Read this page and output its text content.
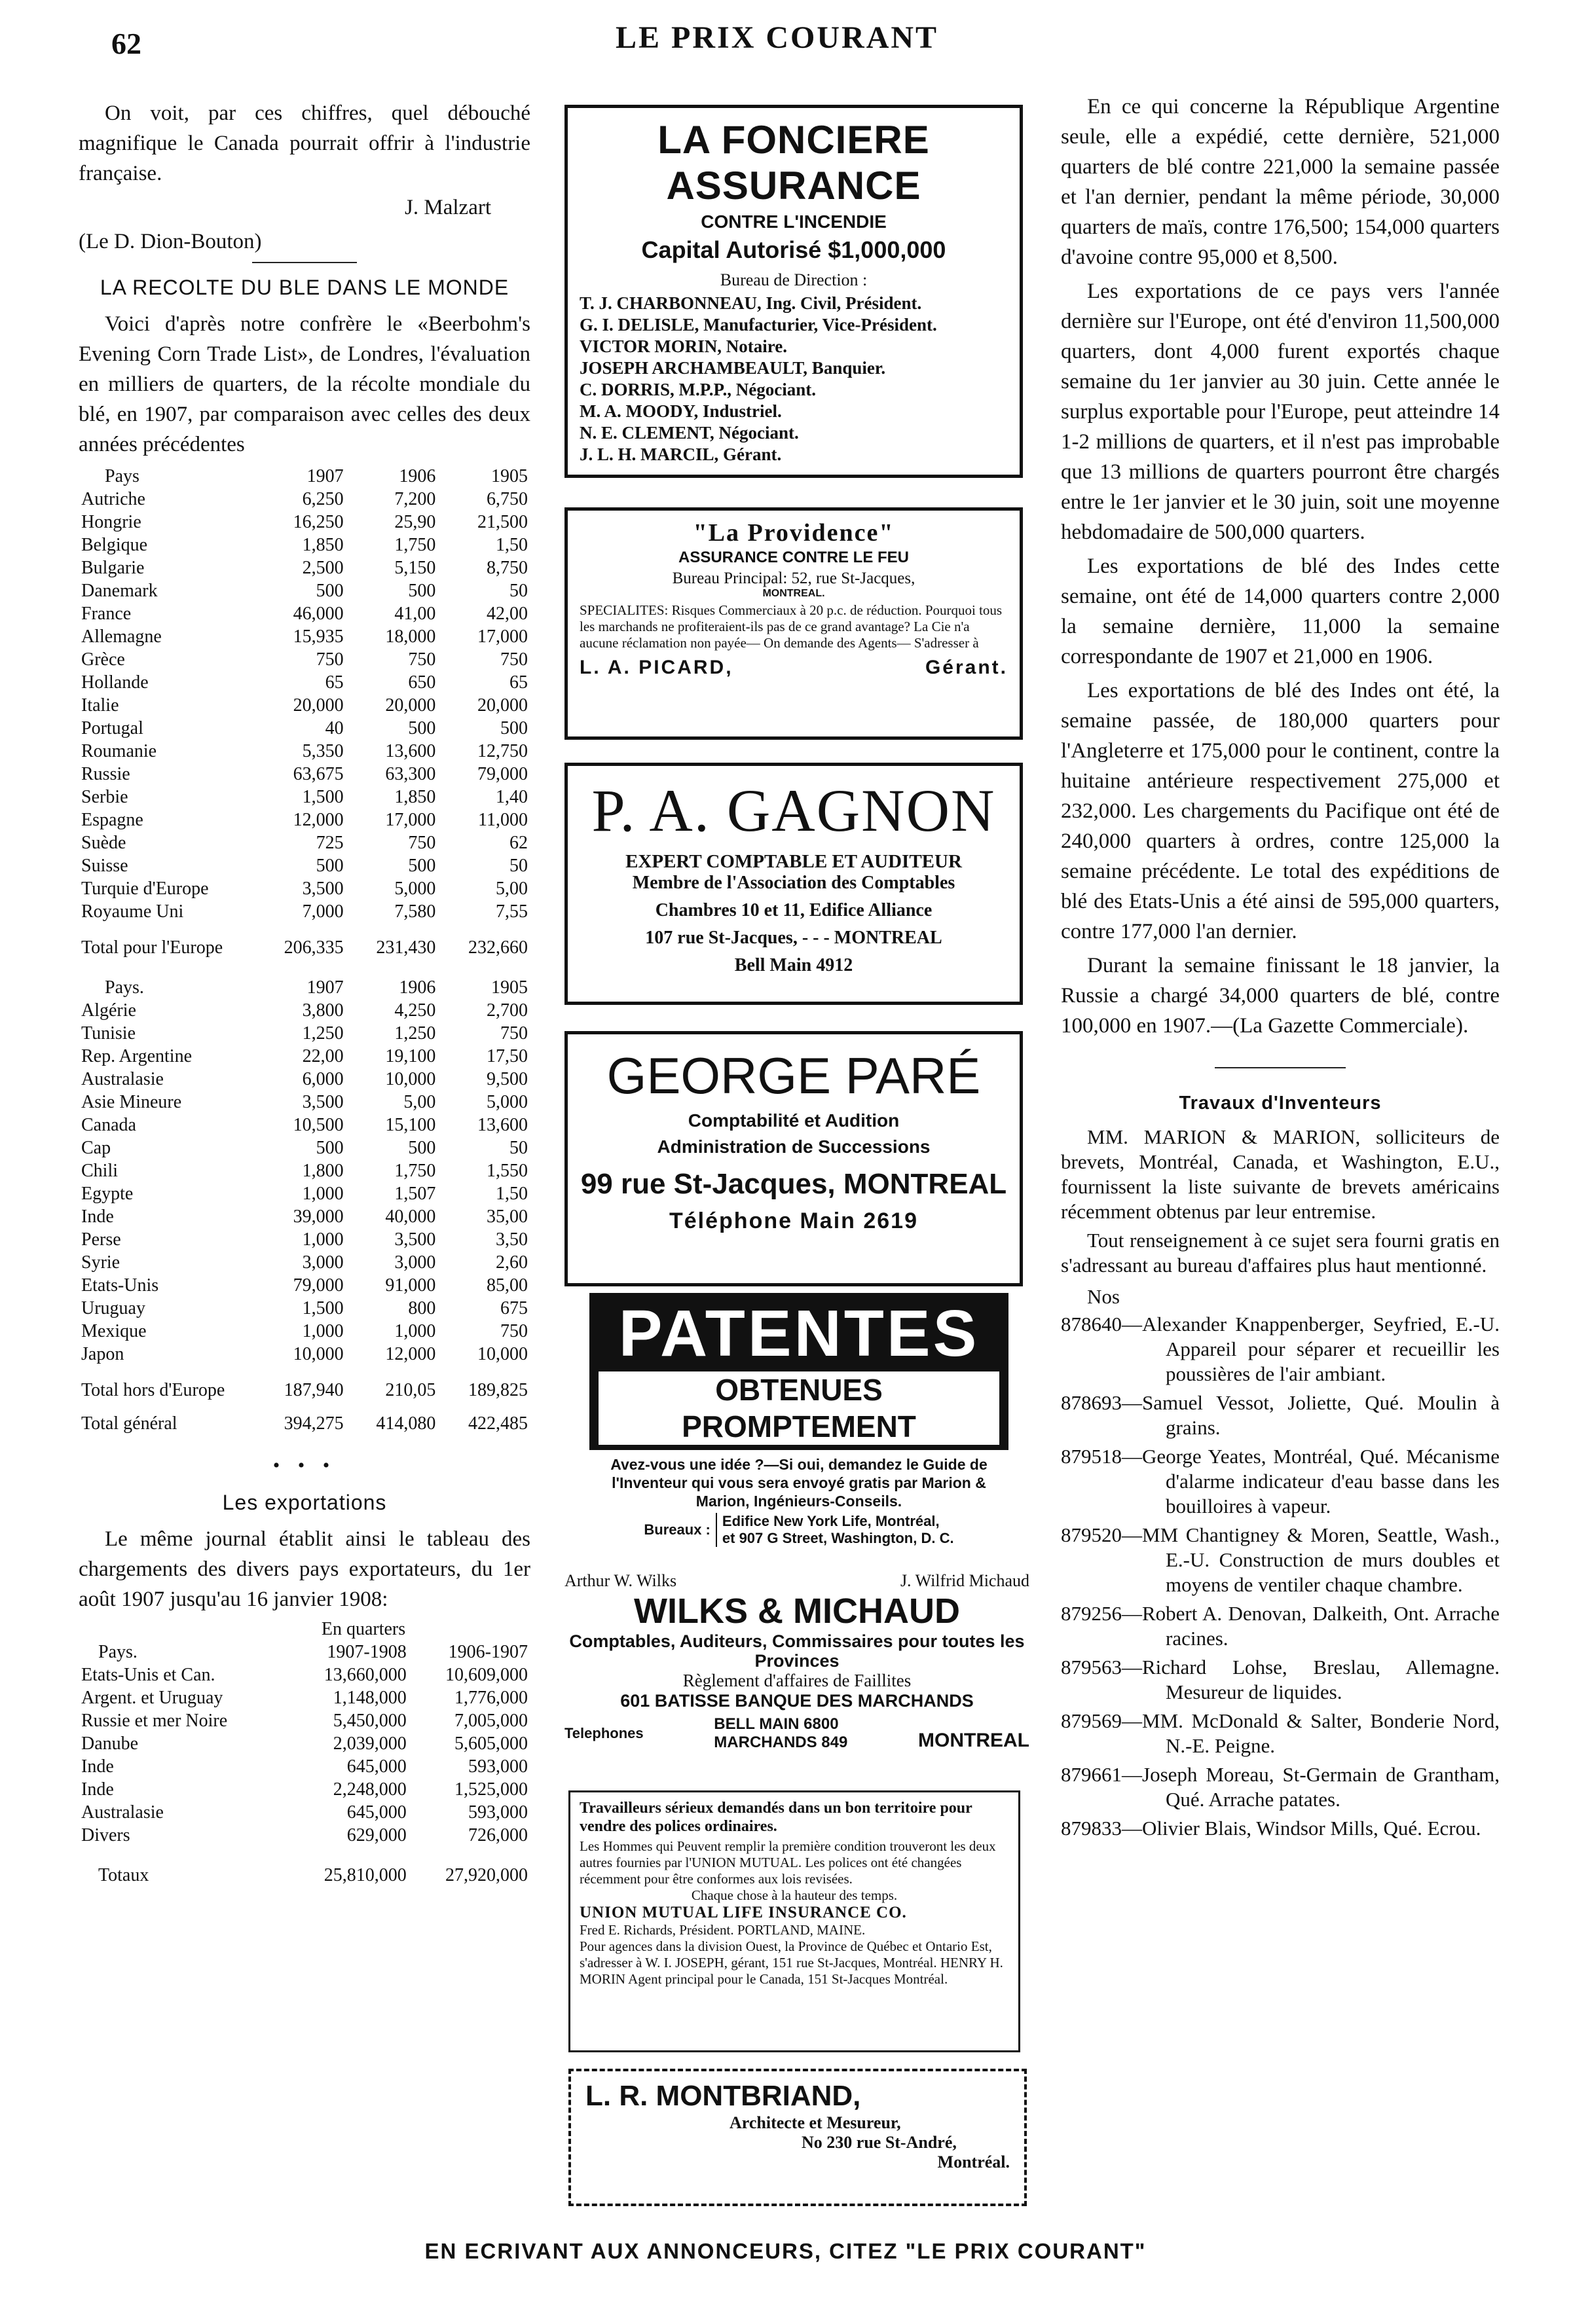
62	LE PRIX COURANT

On voit, par ces chiffres, quel débouché magnifique le Canada pourrait offrir à l'industrie française.

J. Malzart

(Le D. Dion-Bouton)

LA RECOLTE DU BLE DANS LE MONDE

Voici d'après notre confrère le «Beerbohm's Evening Corn Trade List», de Londres, l'évaluation en milliers de quarters, de la récolte mondiale du blé, en 1907, par comparaison avec celles des deux années précédentes

Pays	1907	1906	1905
Autriche	6,250	7,200	6,750
Hongrie	16,250	25,90	21,500
Belgique	1,850	1,750	1,50
Bulgarie	2,500	5,150	8,750
Danemark	500	500	50
France	46,000	41,00	42,00
Allemagne	15,935	18,000	17,000
Grèce	750	750	750
Hollande	65	650	65
Italie	20,000	20,000	20,000
Portugal	40	500	500
Roumanie	5,350	13,600	12,750
Russie	63,675	63,300	79,000
Serbie	1,500	1,850	1,40
Espagne	12,000	17,000	11,000
Suède	725	750	62
Suisse	500	500	50
Turquie d'Europe	3,500	5,000	5,00
Royaume Uni	7,000	7,580	7,55
Total pour l'Europe	206,335	231,430	232,660
Pays.	1907	1906	1905
Algérie	3,800	4,250	2,700
Tunisie	1,250	1,250	750
Rep. Argentine	22,00	19,100	17,50
Australasie	6,000	10,000	9,500
Asie Mineure	3,500	5,00	5,000
Canada	10,500	15,100	13,600
Cap	500	500	50
Chili	1,800	1,750	1,550
Egypte	1,000	1,507	1,50
Inde	39,000	40,000	35,00
Perse	1,000	3,500	3,50
Syrie	3,000	3,000	2,60
Etats-Unis	79,000	91,000	85,00
Uruguay	1,500	800	675
Mexique	1,000	1,000	750
Japon	10,000	12,000	10,000
Total hors d'Europe	187,940	210,05	189,825
Total général	394,275	414,080	422,485
• • •
Les exportations

Le même journal établit ainsi le tableau des chargements des divers pays exportateurs, du 1er août 1907 jusqu'au 16 janvier 1908:

En quarters
Pays.	1907-1908	1906-1907
Etats-Unis et Can.	13,660,000	10,609,000
Argent. et Uruguay	1,148,000	1,776,000
Russie et mer Noire	5,450,000	7,005,000
Danube	2,039,000	5,605,000
Inde	645,000	593,000
Inde	2,248,000	1,525,000
Australasie	645,000	593,000
Divers	629,000	726,000
Totaux	25,810,000	27,920,000
LA FONCIERE ASSURANCE
CONTRE L'INCENDIE
Capital Autorisé $1,000,000
Bureau de Direction :
T. J. CHARBONNEAU, Ing. Civil, Président.
G. I. DELISLE, Manufacturier, Vice-Président.
VICTOR MORIN, Notaire.
JOSEPH ARCHAMBEAULT, Banquier.
C. DORRIS, M.P.P., Négociant.
M. A. MOODY, Industriel.
N. E. CLEMENT, Négociant.
J. L. H. MARCIL, Gérant.
"La Providence"
ASSURANCE CONTRE LE FEU
Bureau Principal: 52, rue St-Jacques,
MONTREAL.
SPECIALITES: Risques Commerciaux à 20 p.c. de réduction. Pourquoi tous les marchands ne profiteraient-ils pas de ce grand avantage? La Cie n'a aucune réclamation non payée— On demande des Agents— S'adresser à
L. A. PICARD,	Gérant.
P. A. GAGNON
EXPERT COMPTABLE ET AUDITEUR
Membre de l'Association des Comptables
Chambres 10 et 11, Edifice Alliance
107 rue St-Jacques, - - - MONTREAL
Bell Main 4912
GEORGE PARÉ
Comptabilité et Audition
Administration de Successions
99 rue St-Jacques, MONTREAL
Téléphone Main 2619
PATENTES
OBTENUES PROMPTEMENT
Avez-vous une idée ?—Si oui, demandez le Guide de l'Inventeur qui vous sera envoyé gratis par Marion & Marion, Ingénieurs-Conseils.
Bureaux :
Edifice New York Life, Montréal,
et 907 G Street, Washington, D. C.
Arthur W. Wilks	J. Wilfrid Michaud
WILKS & MICHAUD
Comptables, Auditeurs, Commissaires pour toutes les Provinces
Règlement d'affaires de Faillites
601 BATISSE BANQUE DES MARCHANDS
Telephones
BELL MAIN 6800
MARCHANDS 849	MONTREAL
Travailleurs sérieux demandés dans un bon territoire pour vendre des polices ordinaires.
Les Hommes qui Peuvent remplir la première condition trouveront les deux autres fournies par l'UNION MUTUAL. Les polices ont été changées récemment pour être conformes aux lois revisées.
Chaque chose à la hauteur des temps.
UNION MUTUAL LIFE INSURANCE CO.
Fred E. Richards, Président. PORTLAND, MAINE.
Pour agences dans la division Ouest, la Province de Québec et Ontario Est, s'adresser à W. I. JOSEPH, gérant, 151 rue St-Jacques, Montréal. HENRY H. MORIN Agent principal pour le Canada, 151 St-Jacques Montréal.
L. R. MONTBRIAND,
Architecte et Mesureur,
No 230 rue St-André,
Montréal.

En ce qui concerne la République Argentine seule, elle a expédié, cette dernière, 521,000 quarters de blé contre 221,000 la semaine passée et l'an dernier, pendant la même période, 30,000 quarters de maïs, contre 176,500; 154,000 quarters d'avoine contre 95,000 et 8,500.

Les exportations de ce pays vers l'année dernière sur l'Europe, ont été d'environ 11,500,000 quarters, dont 4,000 furent exportés chaque semaine du 1er janvier au 30 juin. Cette année le surplus exportable pour l'Europe, peut atteindre 14 1-2 millions de quarters, et il n'est pas improbable que 13 millions de quarters pourront être chargés entre le 1er janvier et le 30 juin, soit une moyenne hebdomadaire de 500,000 quarters.

Les exportations de blé des Indes cette semaine, ont été de 14,000 quarters contre 2,000 la semaine dernière, 11,000 la semaine correspondante de 1907 et 21,000 en 1906.

Les exportations de blé des Indes ont été, la semaine passée, de 180,000 quarters pour l'Angleterre et 175,000 pour le continent, contre la huitaine antérieure respectivement 275,000 et 232,000. Les chargements du Pacifique ont été de 240,000 quarters à ordres, contre 125,000 la semaine précédente. Le total des expéditions de blé des Etats-Unis a été ainsi de 595,000 quarters, contre 177,000 l'an dernier.

Durant la semaine finissant le 18 janvier, la Russie a chargé 34,000 quarters de blé, contre 100,000 en 1907.—(La Gazette Commerciale).

Travaux d'Inventeurs

MM. MARION & MARION, solliciteurs de brevets, Montréal, Canada, et Washington, E.U., fournissent la liste suivante de brevets américains récemment obtenus par leur entremise.

Tout renseignement à ce sujet sera fourni gratis en s'adressant au bureau d'affaires plus haut mentionné.

Nos

878640—Alexander Knappenberger, Seyfried, E.-U. Appareil pour séparer et recueillir les poussières de l'air ambiant.

878693—Samuel Vessot, Joliette, Qué. Moulin à grains.

879518—George Yeates, Montréal, Qué. Mécanisme d'alarme indicateur d'eau basse dans les bouilloires à vapeur.

879520—MM Chantigney & Moren, Seattle, Wash., E.-U. Construction de murs doubles et moyens de ventiler chaque chambre.

879256—Robert A. Denovan, Dalkeith, Ont. Arrache racines.

879563—Richard Lohse, Breslau, Allemagne. Mesureur de liquides.

879569—MM. McDonald & Salter, Bonderie Nord, N.-E. Peigne.

879661—Joseph Moreau, St-Germain de Grantham, Qué. Arrache patates.

879833—Olivier Blais, Windsor Mills, Qué. Ecrou.

EN ECRIVANT AUX ANNONCEURS, CITEZ "LE PRIX COURANT"
